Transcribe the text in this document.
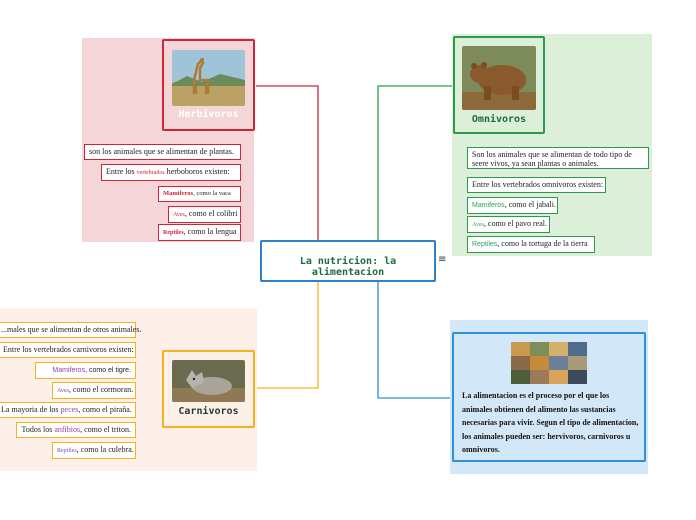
Herbivoros
son los animales que se alimentan de plantas.
Entre los vertebrados herboboros existen:
Mamiferos, como la vaca
Aves, como el colibri
Reptiles, como la lengua
Omnivoros
Son los animales que se alimentan de todo tipo de seere vivos, ya sean plantas o animales.
Entre los vertebrados omnivoros existen:
Mamiferos, como el jabali.
Aves, como el pavo real.
Reptiles, como la tortuga de la tierra
La nutricion: la alimentacion
≡
Carnivoros
...males que se alimentan de otros animales.
Entre los vertebrados carnivoros existen:
Mamiferos, como el tigre.
Aves, como el cormoran.
La mayoria de los peces, como el piraña.
Todos los anfibios, como el triton.
Reptiles, como la culebra.
La alimentacion es el proceso por el que los animales obtienen del alimento las sustancias necesarias para vivir. Segun el tipo de alimentacion, los animales pueden ser: hervivoros, carnivoros u omnivoros.
